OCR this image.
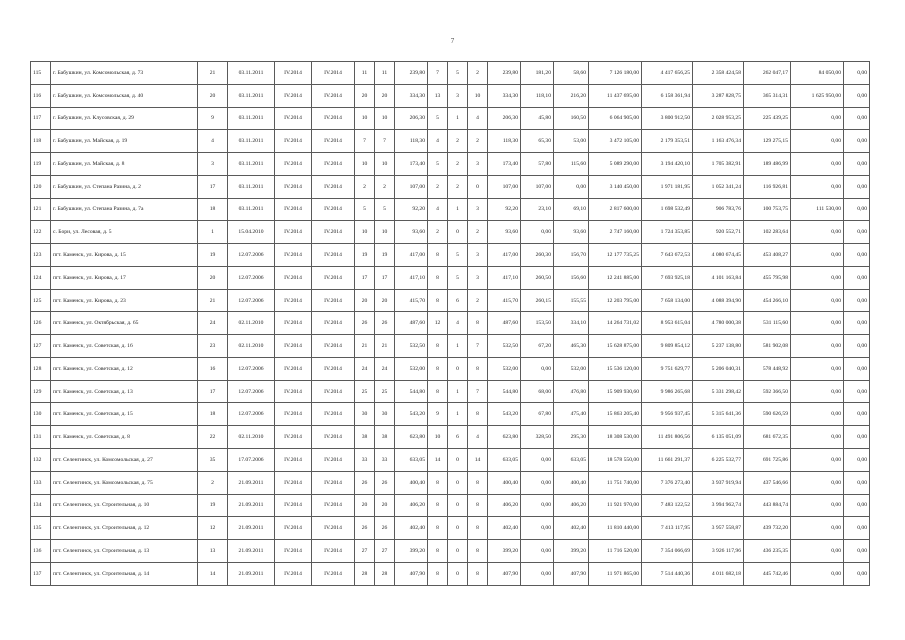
7
115	г. Бабушкин, ул. Комсомольская, д. 73	21	03.11.2011	IV.2014	IV.2014	11	11	239,80	7	5	2	239,80	181,20	58,60	7 126 180,00	4 417 656,25	2 358 424,58	262 047,17	84 050,00	0,00
116	г. Бабушкин, ул. Комсомольская, д. 40	20	03.11.2011	IV.2014	IV.2014	20	20	334,30	13	3	10	334,30	118,10	216,20	11 437 695,00	6 158 361,94	3 287 828,75	365 314,31	1 625 950,00	0,00
117	г. Бабушкин, ул. Клусовская, д. 29	9	03.11.2011	IV.2014	IV.2014	10	10	206,30	5	1	4	206,30	45,80	160,50	6 064 905,00	3 800 912,50	2 028 953,25	225 439,25	0,00	0,00
118	г. Бабушкин, ул. Майская, д. 19	4	03.11.2011	IV.2014	IV.2014	7	7	118,30	4	2	2	118,30	65,30	53,00	3 472 105,00	2 179 353,51	1 163 476,34	129 275,15	0,00	0,00
119	г. Бабушкин, ул. Майская, д. 8	3	03.11.2011	IV.2014	IV.2014	10	10	173,40	5	2	3	173,40	57,80	115,60	5 089 290,00	3 194 420,10	1 705 382,91	189 486,99	0,00	0,00
120	г. Бабушкин, ул. Степана Разина, д. 2	17	03.11.2011	IV.2014	IV.2014	2	2	107,00	2	2	0	107,00	107,00	0,00	3 140 450,00	1 971 181,95	1 052 341,24	116 926,81	0,00	0,00
121	г. Бабушкин, ул. Степана Разина, д. 7а	18	03.11.2011	IV.2014	IV.2014	5	5	92,20	4	1	3	92,20	23,10	69,10	2 817 600,00	1 698 532,49	906 783,76	100 753,75	111 530,00	0,00
122	с. Бори, ул. Лесовая, д. 5	1	15.04.2010	IV.2014	IV.2014	10	10	93,60	2	0	2	93,60	0,00	93,60	2 747 160,00	1 724 353,85	920 552,71	102 283,64	0,00	0,00
123	пгт. Каменск, ул. Кирова, д. 15	19	12.07.2006	IV.2014	IV.2014	19	19	417,00	8	5	3	417,00	260,30	156,70	12 177 735,25	7 643 672,53	4 080 674,45	453 408,27	0,00	0,00
124	пгт. Каменск, ул. Кирова, д. 17	20	12.07.2006	IV.2014	IV.2014	17	17	417,10	8	5	3	417,10	260,50	156,60	12 241 885,00	7 693 925,18	4 101 163,84	455 795,98	0,00	0,00
125	пгт. Каменск, ул. Кирова, д. 23	21	12.07.2006	IV.2014	IV.2014	20	20	415,70	8	6	2	415,70	260,15	155,55	12 203 795,00	7 658 134,00	4 088 394,90	454 266,10	0,00	0,00
126	пгт. Каменск, ул. Октябрьская, д. 65	24	02.11.2010	IV.2014	IV.2014	26	26	487,60	12	4	8	487,60	153,50	334,10	14 264 731,02	8 953 615,04	4 780 000,38	531 115,60	0,00	0,00
127	пгт. Каменск, ул. Советская, д. 16	23	02.11.2010	IV.2014	IV.2014	21	21	532,50	8	1	7	532,50	67,20	465,30	15 628 875,00	9 809 854,12	5 237 138,80	581 902,08	0,00	0,00
128	пгт. Каменск, ул. Советская, д. 12	16	12.07.2006	IV.2014	IV.2014	24	24	532,00	8	0	8	532,00	0,00	532,00	15 536 120,00	9 751 629,77	5 206 040,31	578 448,92	0,00	0,00
129	пгт. Каменск, ул. Советская, д. 13	17	12.07.2006	IV.2014	IV.2014	25	25	544,80	8	1	7	544,80	68,00	476,80	15 909 930,60	9 986 265,68	5 331 298,42	592 366,50	0,00	0,00
130	пгт. Каменск, ул. Советская, д. 15	18	12.07.2006	IV.2014	IV.2014	30	30	543,20	9	1	8	543,20	67,80	475,40	15 863 205,40	9 956 937,45	5 315 641,36	590 626,59	0,00	0,00
131	пгт. Каменск, ул. Советская, д. 8	22	02.11.2010	IV.2014	IV.2014	38	38	623,80	10	6	4	623,80	328,50	295,30	18 308 530,00	11 491 806,56	6 135 051,09	681 672,35	0,00	0,00
132	пгт. Селенгинск, ул. Комсомольская, д. 27	35	17.07.2006	IV.2014	IV.2014	33	33	633,05	14	0	14	633,05	0,00	633,05	18 578 550,00	11 661 291,37	6 225 532,77	691 725,86	0,00	0,00
133	пгт. Селенгинск, ул. Комсомольская, д. 75	2	21.09.2011	IV.2014	IV.2014	26	26	400,40	8	0	8	400,40	0,00	400,40	11 751 740,00	7 376 273,40	3 937 919,94	437 546,66	0,00	0,00
134	пгт. Селенгинск, ул. Строительная, д. 10	19	21.09.2011	IV.2014	IV.2014	20	20	406,20	8	0	8	406,20	0,00	406,20	11 921 970,00	7 483 122,52	3 994 962,74	443 884,74	0,00	0,00
135	пгт. Селенгинск, ул. Строительная, д. 12	12	21.09.2011	IV.2014	IV.2014	26	26	402,40	8	0	8	402,40	0,00	402,40	11 810 440,00	7 413 117,95	3 957 558,87	439 732,20	0,00	0,00
136	пгт. Селенгинск, ул. Строительная, д. 13	13	21.09.2011	IV.2014	IV.2014	27	27	399,20	8	0	8	399,20	0,00	399,20	11 716 520,00	7 354 066,69	3 926 117,96	436 235,35	0,00	0,00
137	пгт. Селенгинск, ул. Строительная, д. 14	14	21.09.2011	IV.2014	IV.2014	28	28	407,90	8	0	8	407,90	0,00	407,90	11 971 865,00	7 514 440,36	4 011 682,18	445 742,46	0,00	0,00
